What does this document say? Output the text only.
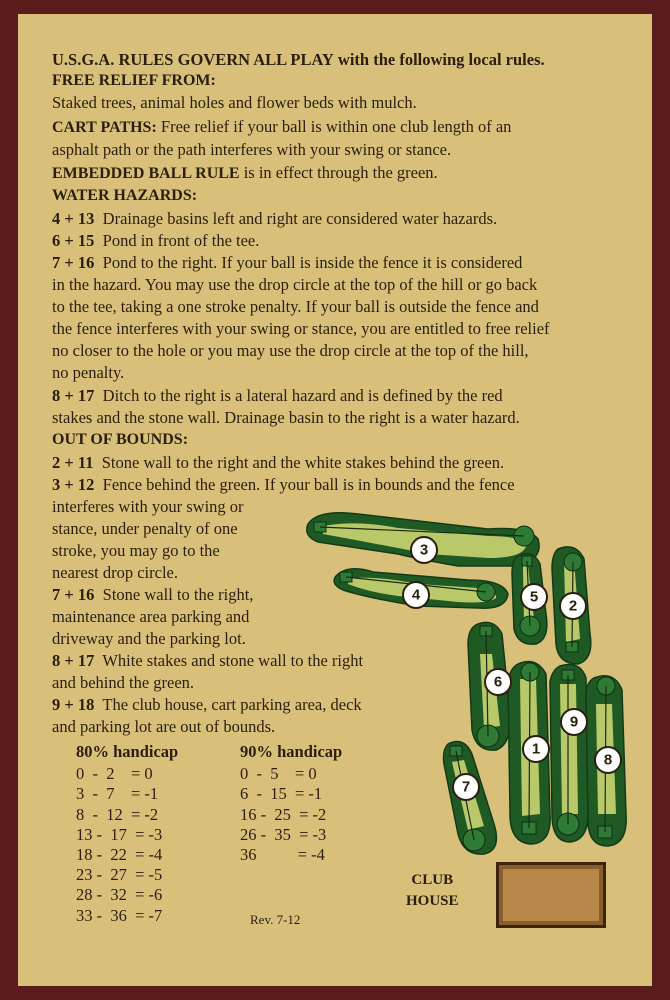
U.S.G.A. RULES GOVERN ALL PLAY with the following local rules.
FREE RELIEF FROM:
Staked trees, animal holes and flower beds with mulch.
CART PATHS: Free relief if your ball is within one club length of an
asphalt path or the path interferes with your swing or stance.
EMBEDDED BALL RULE is in effect through the green.
WATER HAZARDS:
4 + 13 Drainage basins left and right are considered water hazards.
6 + 15 Pond in front of the tee.
7 + 16 Pond to the right. If your ball is inside the fence it is considered
in the hazard. You may use the drop circle at the top of the hill or go back
to the tee, taking a one stroke penalty. If your ball is outside the fence and
the fence interferes with your swing or stance, you are entitled to free relief
no closer to the hole or you may use the drop circle at the top of the hill,
no penalty.
8 + 17 Ditch to the right is a lateral hazard and is defined by the red
stakes and the stone wall. Drainage basin to the right is a water hazard.
OUT OF BOUNDS:
2 + 11 Stone wall to the right and the white stakes behind the green.
3 + 12 Fence behind the green. If your ball is in bounds and the fence
interferes with your swing or
stance, under penalty of one
stroke, you may go to the
nearest drop circle.
7 + 16 Stone wall to the right,
maintenance area parking and
driveway and the parking lot.
8 + 17 White stakes and stone wall to the right
and behind the green.
9 + 18 The club house, cart parking area, deck
and parking lot are out of bounds.
80% handicap
0  -  2    = 0
3  -  7    = -1
8  -  12  = -2
13 -  17  = -3
18 -  22  = -4
23 -  27  = -5
28 -  32  = -6
33 -  36  = -7
90% handicap
0  -  5    = 0
6  -  15  = -1
16 -  25  = -2
26 -  35  = -3
36          = -4
Rev. 7-12
CLUB
HOUSE
3
4	5
2
6
9
1
8
7
